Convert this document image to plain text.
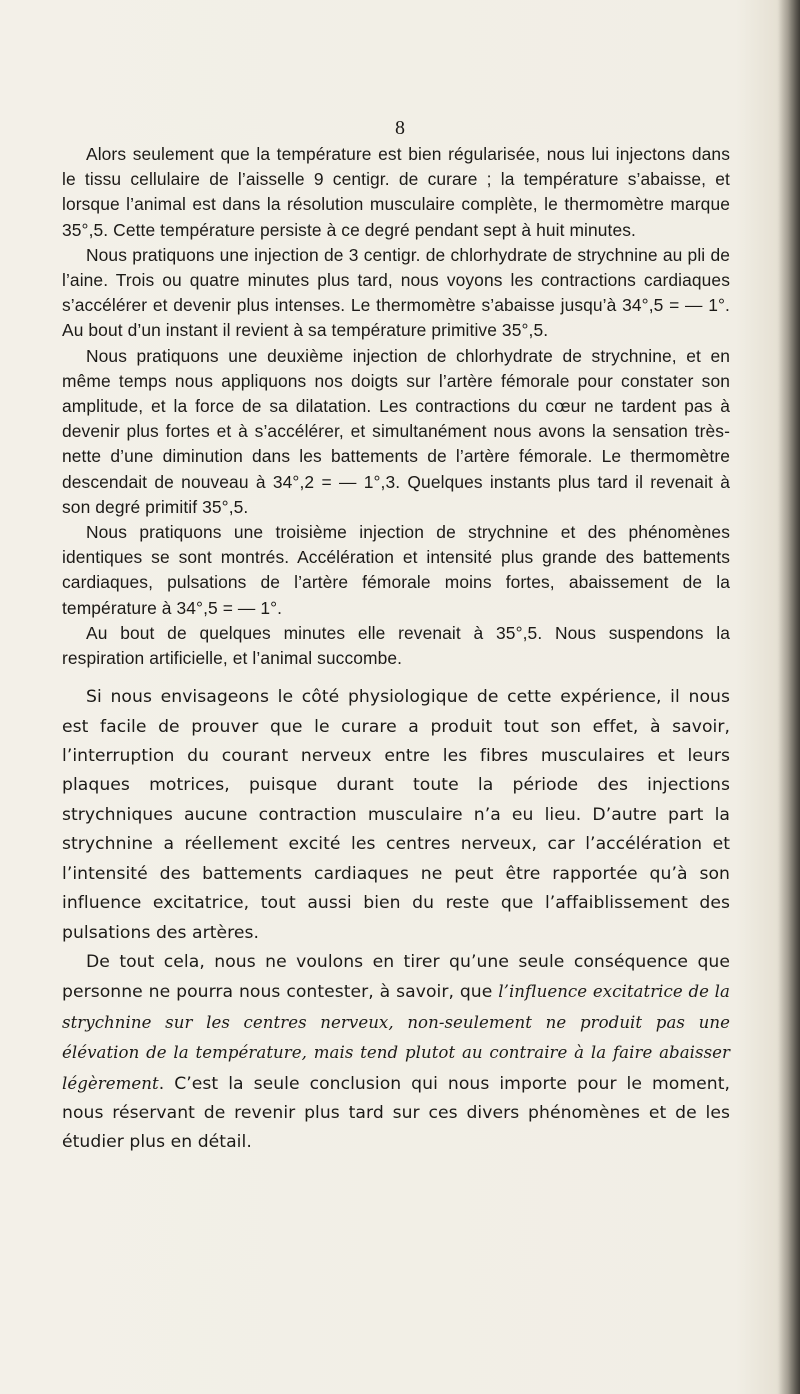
8

Alors seulement que la température est bien régularisée, nous lui injectons dans le tissu cellulaire de l’aisselle 9 centigr. de curare ; la température s’abaisse, et lorsque l’animal est dans la résolution musculaire complète, le thermomètre marque 35°,5. Cette température persiste à ce degré pendant sept à huit minutes.

Nous pratiquons une injection de 3 centigr. de chlorhydrate de strychnine au pli de l’aine. Trois ou quatre minutes plus tard, nous voyons les contractions cardiaques s’accélérer et devenir plus intenses. Le thermomètre s’abaisse jusqu’à 34°,5 = — 1°. Au bout d’un instant il revient à sa température primitive 35°,5.

Nous pratiquons une deuxième injection de chlorhydrate de strychnine, et en même temps nous appliquons nos doigts sur l’artère fémorale pour constater son amplitude, et la force de sa dilatation. Les contractions du cœur ne tardent pas à devenir plus fortes et à s’accélérer, et simultanément nous avons la sensation très-nette d’une diminution dans les battements de l’artère fémorale. Le thermomètre descendait de nouveau à 34°,2 = — 1°,3. Quelques instants plus tard il revenait à son degré primitif 35°,5.

Nous pratiquons une troisième injection de strychnine et des phénomènes identiques se sont montrés. Accélération et intensité plus grande des battements cardiaques, pulsations de l’artère fémorale moins fortes, abaissement de la température à 34°,5 = — 1°.

Au bout de quelques minutes elle revenait à 35°,5. Nous suspendons la respiration artificielle, et l’animal succombe.

Si nous envisageons le côté physiologique de cette expérience, il nous est facile de prouver que le curare a produit tout son effet, à savoir, l’interruption du courant nerveux entre les fibres musculaires et leurs plaques motrices, puisque durant toute la période des injections strychniques aucune contraction musculaire n’a eu lieu. D’autre part la strychnine a réellement excité les centres nerveux, car l’accélération et l’intensité des battements cardiaques ne peut être rapportée qu’à son influence excitatrice, tout aussi bien du reste que l’affaiblissement des pulsations des artères.

De tout cela, nous ne voulons en tirer qu’une seule conséquence que personne ne pourra nous contester, à savoir, que l’influence excitatrice de la strychnine sur les centres nerveux, non-seulement ne produit pas une élévation de la température, mais tend plutot au contraire à la faire abaisser légèrement. C’est la seule conclusion qui nous importe pour le moment, nous réservant de revenir plus tard sur ces divers phénomènes et de les étudier plus en détail.
